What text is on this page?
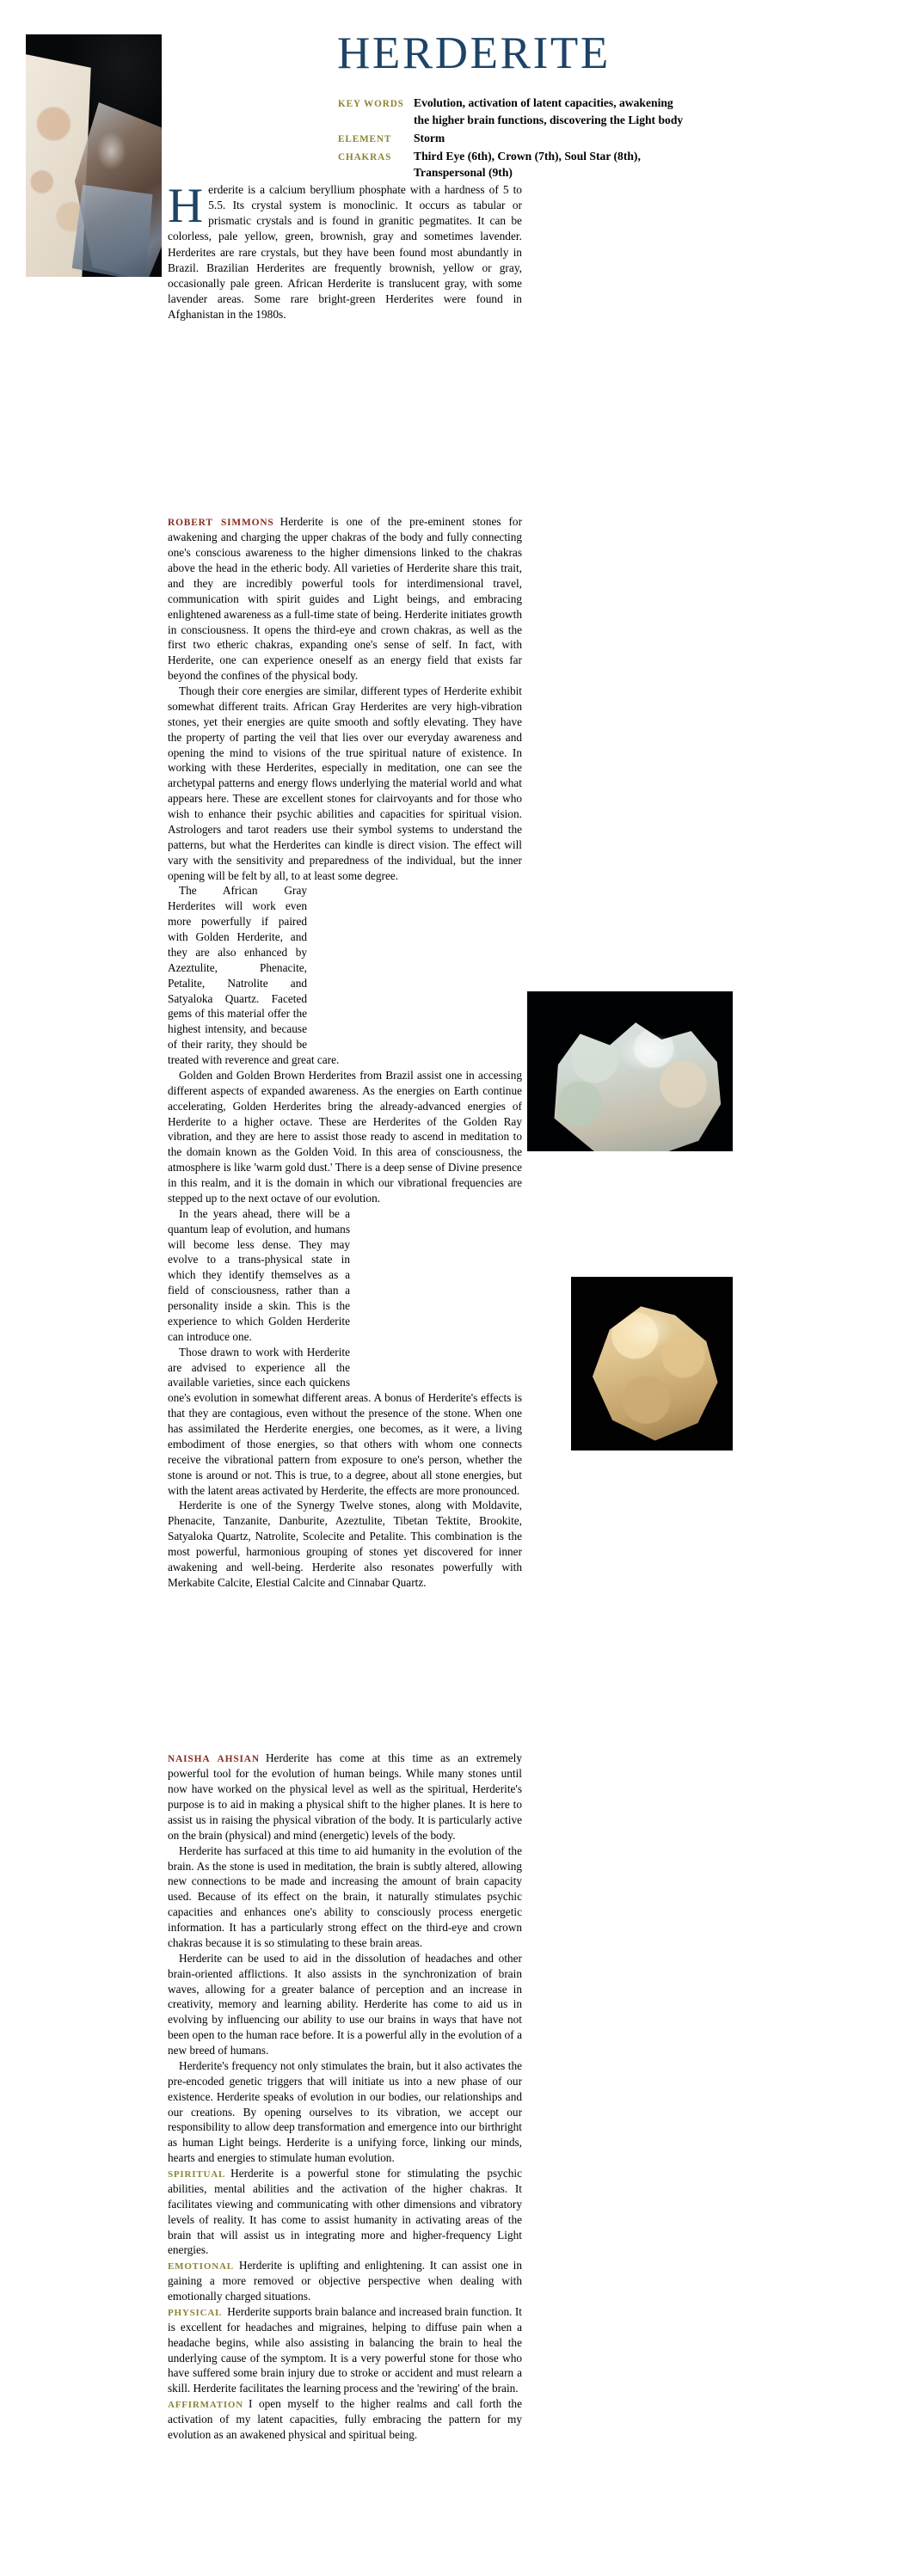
HERDERITE
KEY WORDS Evolution, activation of latent capacities, awakening the higher brain functions, discovering the Light body
ELEMENT	Storm
CHAKRAS	Third Eye (6th), Crown (7th), Soul Star (8th), Transpersonal (9th)
Herderite is a calcium beryllium phosphate with a hardness of 5 to 5.5. Its crystal system is monoclinic. It occurs as tabular or prismatic crystals and is found in granitic pegmatites. It can be colorless, pale yellow, green, brownish, gray and sometimes lavender. Herderites are rare crystals, but they have been found most abundantly in Brazil. Brazilian Herderites are frequently brownish, yellow or gray, occasionally pale green. African Herderite is translucent gray, with some lavender areas. Some rare bright-green Herderites were found in Afghanistan in the 1980s.

ROBERT SIMMONS Herderite is one of the pre-eminent stones for awakening and charging the upper chakras of the body and fully connecting one's conscious awareness to the higher dimensions linked to the chakras above the head in the etheric body. All varieties of Herderite share this trait, and they are incredibly powerful tools for interdimensional travel, communication with spirit guides and Light beings, and embracing enlightened awareness as a full-time state of being. Herderite initiates growth in consciousness. It opens the third-eye and crown chakras, as well as the first two etheric chakras, expanding one's sense of self. In fact, with Herderite, one can experience oneself as an energy field that exists far beyond the confines of the physical body.

Though their core energies are similar, different types of Herderite exhibit somewhat different traits. African Gray Herderites are very high-vibration stones, yet their energies are quite smooth and softly elevating. They have the property of parting the veil that lies over our everyday awareness and opening the mind to visions of the true spiritual nature of existence. In working with these Herderites, especially in meditation, one can see the archetypal patterns and energy flows underlying the material world and what appears here. These are excellent stones for clairvoyants and for those who wish to enhance their psychic abilities and capacities for spiritual vision. Astrologers and tarot readers use their symbol systems to understand the patterns, but what the Herderites can kindle is direct vision. The effect will vary with the sensitivity and preparedness of the individual, but the inner opening will be felt by all, to at least some degree.

The African Gray Herderites will work even more powerfully if paired with Golden Herderite, and they are also enhanced by Azeztulite, Phenacite, Petalite, Natrolite and Satyaloka Quartz. Faceted gems of this material offer the highest intensity, and because of their rarity, they should be treated with reverence and great care.

Golden and Golden Brown Herderites from Brazil assist one in accessing different aspects of expanded awareness. As the energies on Earth continue accelerating, Golden Herderites bring the already-advanced energies of Herderite to a higher octave. These are Herderites of the Golden Ray vibration, and they are here to assist those ready to ascend in meditation to the domain known as the Golden Void. In this area of consciousness, the atmosphere is like 'warm gold dust.' There is a deep sense of Divine presence in this realm, and it is the domain in which our vibrational frequencies are stepped up to the next octave of our evolution.

In the years ahead, there will be a quantum leap of evolution, and humans will become less dense. They may evolve to a trans-physical state in which they identify themselves as a field of consciousness, rather than a personality inside a skin. This is the experience to which Golden Herderite can introduce one.

Those drawn to work with Herderite are advised to experience all the available varieties, since each quickens one's evolution in somewhat different areas. A bonus of Herderite's effects is that they are contagious, even without the presence of the stone. When one has assimilated the Herderite energies, one becomes, as it were, a living embodiment of those energies, so that others with whom one connects receive the vibrational pattern from exposure to one's person, whether the stone is around or not. This is true, to a degree, about all stone energies, but with the latent areas activated by Herderite, the effects are more pronounced.

Herderite is one of the Synergy Twelve stones, along with Moldavite, Phenacite, Tanzanite, Danburite, Azeztulite, Tibetan Tektite, Brookite, Satyaloka Quartz, Natrolite, Scolecite and Petalite. This combination is the most powerful, harmonious grouping of stones yet discovered for inner awakening and well-being. Herderite also resonates powerfully with Merkabite Calcite, Elestial Calcite and Cinnabar Quartz.

NAISHA AHSIAN Herderite has come at this time as an extremely powerful tool for the evolution of human beings. While many stones until now have worked on the physical level as well as the spiritual, Herderite's purpose is to aid in making a physical shift to the higher planes. It is here to assist us in raising the physical vibration of the body. It is particularly active on the brain (physical) and mind (energetic) levels of the body.

Herderite has surfaced at this time to aid humanity in the evolution of the brain. As the stone is used in meditation, the brain is subtly altered, allowing new connections to be made and increasing the amount of brain capacity used. Because of its effect on the brain, it naturally stimulates psychic capacities and enhances one's ability to consciously process energetic information. It has a particularly strong effect on the third-eye and crown chakras because it is so stimulating to these brain areas.

Herderite can be used to aid in the dissolution of headaches and other brain-oriented afflictions. It also assists in the synchronization of brain waves, allowing for a greater balance of perception and an increase in creativity, memory and learning ability. Herderite has come to aid us in evolving by influencing our ability to use our brains in ways that have not been open to the human race before. It is a powerful ally in the evolution of a new breed of humans.

Herderite's frequency not only stimulates the brain, but it also activates the pre-encoded genetic triggers that will initiate us into a new phase of our existence. Herderite speaks of evolution in our bodies, our relationships and our creations. By opening ourselves to its vibration, we accept our responsibility to allow deep transformation and emergence into our birthright as human Light beings. Herderite is a unifying force, linking our minds, hearts and energies to stimulate human evolution.

SPIRITUAL Herderite is a powerful stone for stimulating the psychic abilities, mental abilities and the activation of the higher chakras. It facilitates viewing and communicating with other dimensions and vibratory levels of reality. It has come to assist humanity in activating areas of the brain that will assist us in integrating more and higher-frequency Light energies.

EMOTIONAL Herderite is uplifting and enlightening. It can assist one in gaining a more removed or objective perspective when dealing with emotionally charged situations.

PHYSICAL Herderite supports brain balance and increased brain function. It is excellent for headaches and migraines, helping to diffuse pain when a headache begins, while also assisting in balancing the brain to heal the underlying cause of the symptom. It is a very powerful stone for those who have suffered some brain injury due to stroke or accident and must relearn a skill. Herderite facilitates the learning process and the 'rewiring' of the brain.

AFFIRMATION I open myself to the higher realms and call forth the activation of my latent capacities, fully embracing the pattern for my evolution as an awakened physical and spiritual being.
